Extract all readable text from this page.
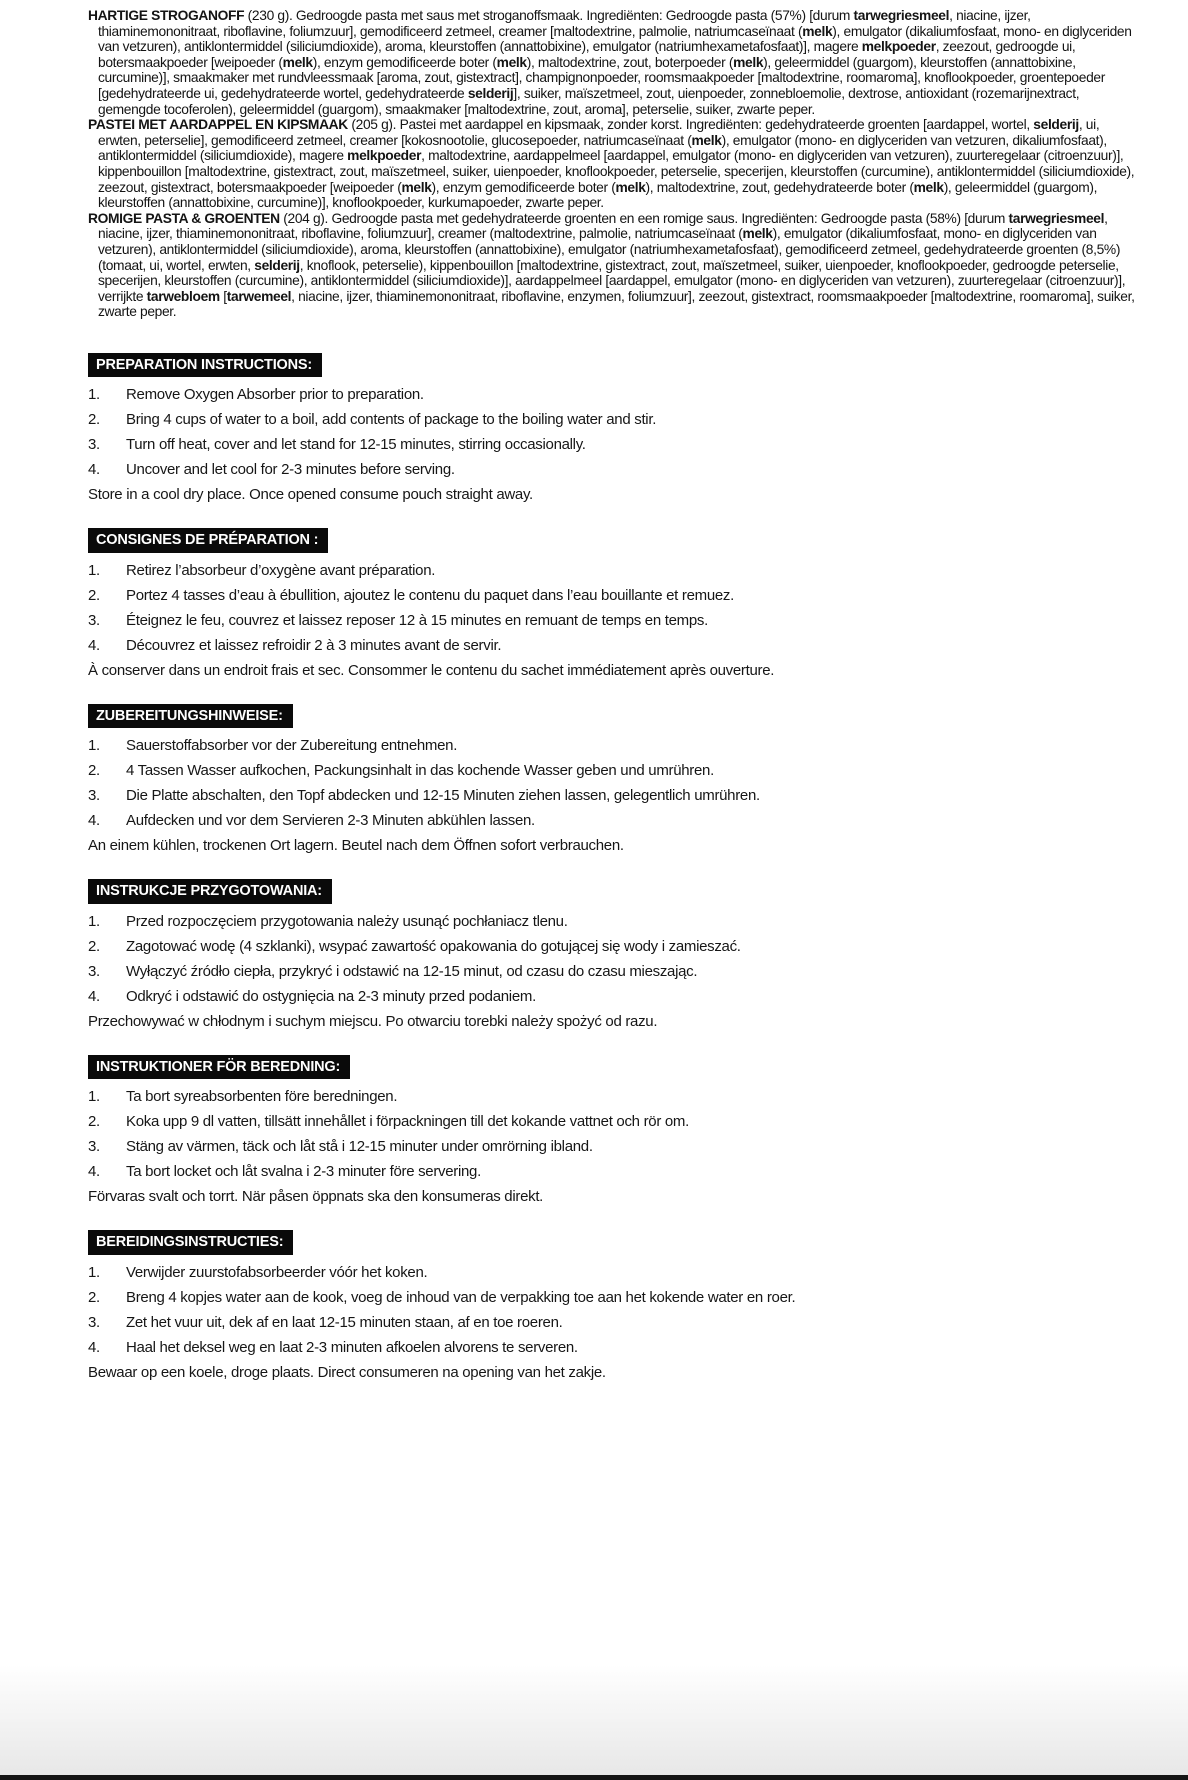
HARTIGE STROGANOFF (230 g). Gedroogde pasta met saus met stroganoffsmaak. Ingrediënten: Gedroogde pasta (57%) [durum tarwegriesmeel, niacine, ijzer, thiaminemononitraat, riboflavine, foliumzuur], gemodificeerd zetmeel, creamer [maltodextrine, palmolie, natriumcaseïnaat (melk), emulgator (dikaliumfosfaat, mono- en diglyceriden van vetzuren), antiklontermiddel (siliciumdioxide), aroma, kleurstoffen (annattobixine), emulgator (natriumhexametafosfaat)], magere melkpoeder, zeezout, gedroogde ui, botersmaakpoeder [weipoeder (melk), enzym gemodificeerde boter (melk), maltodextrine, zout, boterpoeder (melk), geleermiddel (guargom), kleurstoffen (annattobixine, curcumine)], smaakmaker met rundvleessmaak [aroma, zout, gistextract], champignonpoeder, roomsmaakpoeder [maltodextrine, roomaroma], knoflookpoeder, groentepoeder [gedehydrateerde ui, gedehydrateerde wortel, gedehydrateerde selderij], suiker, maïszetmeel, zout, uienpoeder, zonnebloemolie, dextrose, antioxidant (rozemarijnextract, gemengde tocoferolen), geleermiddel (guargom), smaakmaker [maltodextrine, zout, aroma], peterselie, suiker, zwarte peper.
PASTEI MET AARDAPPEL EN KIPSMAAK (205 g). Pastei met aardappel en kipsmaak, zonder korst. Ingrediënten: gedehydrateerde groenten [aardappel, wortel, selderij, ui, erwten, peterselie], gemodificeerd zetmeel, creamer [kokosnootolie, glucosepoeder, natriumcaseïnaat (melk), emulgator (mono- en diglyceriden van vetzuren, dikaliumfosfaat), antiklontermiddel (siliciumdioxide), magere melkpoeder, maltodextrine, aardappelmeel [aardappel, emulgator (mono- en diglyceriden van vetzuren), zuurteregelaar (citroenzuur)], kippenbouillon [maltodextrine, gistextract, zout, maïszetmeel, suiker, uienpoeder, knoflookpoeder, peterselie, specerijen, kleurstoffen (curcumine), antiklontermiddel (siliciumdioxide), zeezout, gistextract, botersmaakpoeder [weipoeder (melk), enzym gemodificeerde boter (melk), maltodextrine, zout, gedehydrateerde boter (melk), geleermiddel (guargom), kleurstoffen (annattobixine, curcumine)], knoflookpoeder, kurkumapoeder, zwarte peper.
ROMIGE PASTA & GROENTEN (204 g). Gedroogde pasta met gedehydrateerde groenten en een romige saus. Ingrediënten: Gedroogde pasta (58%) [durum tarwegriesmeel, niacine, ijzer, thiaminemononitraat, riboflavine, foliumzuur], creamer (maltodextrine, palmolie, natriumcaseïnaat (melk), emulgator (dikaliumfosfaat, mono- en diglyceriden van vetzuren), antiklontermiddel (siliciumdioxide), aroma, kleurstoffen (annattobixine), emulgator (natriumhexametafosfaat), gemodificeerd zetmeel, gedehydrateerde groenten (8,5%) (tomaat, ui, wortel, erwten, selderij, knoflook, peterselie), kippenbouillon [maltodextrine, gistextract, zout, maïszetmeel, suiker, uienpoeder, knoflookpoeder, gedroogde peterselie, specerijen, kleurstoffen (curcumine), antiklontermiddel (siliciumdioxide)], aardappelmeel [aardappel, emulgator (mono- en diglyceriden van vetzuren), zuurteregelaar (citroenzuur)], verrijkte tarwebloem [tarwemeel, niacine, ijzer, thiaminemononitraat, riboflavine, enzymen, foliumzuur], zeezout, gistextract, roomsmaakpoeder [maltodextrine, roomaroma], suiker, zwarte peper.
PREPARATION INSTRUCTIONS:
1.	Remove Oxygen Absorber prior to preparation.
2.	Bring 4 cups of water to a boil, add contents of package to the boiling water and stir.
3.	Turn off heat, cover and let stand for 12-15 minutes, stirring occasionally.
4.	Uncover and let cool for 2-3 minutes before serving.
Store in a cool dry place. Once opened consume pouch straight away.
CONSIGNES DE PRÉPARATION :
1.	Retirez l’absorbeur d’oxygène avant préparation.
2.	Portez 4 tasses d’eau à ébullition, ajoutez le contenu du paquet dans l’eau bouillante et remuez.
3.	Éteignez le feu, couvrez et laissez reposer 12 à 15 minutes en remuant de temps en temps.
4.	Découvrez et laissez refroidir 2 à 3 minutes avant de servir.
À conserver dans un endroit frais et sec. Consommer le contenu du sachet immédiatement après ouverture.
ZUBEREITUNGSHINWEISE:
1.	Sauerstoffabsorber vor der Zubereitung entnehmen.
2.	4 Tassen Wasser aufkochen, Packungsinhalt in das kochende Wasser geben und umrühren.
3.	Die Platte abschalten, den Topf abdecken und 12-15 Minuten ziehen lassen, gelegentlich umrühren.
4.	Aufdecken und vor dem Servieren 2-3 Minuten abkühlen lassen.
An einem kühlen, trockenen Ort lagern. Beutel nach dem Öffnen sofort verbrauchen.
INSTRUKCJE PRZYGOTOWANIA:
1.	Przed rozpoczęciem przygotowania należy usunąć pochłaniacz tlenu.
2.	Zagotować wodę (4 szklanki), wsypać zawartość opakowania do gotującej się wody i zamieszać.
3.	Wyłączyć źródło ciepła, przykryć i odstawić na 12-15 minut, od czasu do czasu mieszając.
4.	Odkryć i odstawić do ostygnięcia na 2-3 minuty przed podaniem.
Przechowywać w chłodnym i suchym miejscu. Po otwarciu torebki należy spożyć od razu.
INSTRUKTIONER FÖR BEREDNING:
1.	Ta bort syreabsorbenten före beredningen.
2.	Koka upp 9 dl vatten, tillsätt innehållet i förpackningen till det kokande vattnet och rör om.
3.	Stäng av värmen, täck och låt stå i 12-15 minuter under omrörning ibland.
4.	Ta bort locket och låt svalna i 2-3 minuter före servering.
Förvaras svalt och torrt. När påsen öppnats ska den konsumeras direkt.
BEREIDINGSINSTRUCTIES:
1.	Verwijder zuurstofabsorbeerder vóór het koken.
2.	Breng 4 kopjes water aan de kook, voeg de inhoud van de verpakking toe aan het kokende water en roer.
3.	Zet het vuur uit, dek af en laat 12-15 minuten staan, af en toe roeren.
4.	Haal het deksel weg en laat 2-3 minuten afkoelen alvorens te serveren.
Bewaar op een koele, droge plaats. Direct consumeren na opening van het zakje.
